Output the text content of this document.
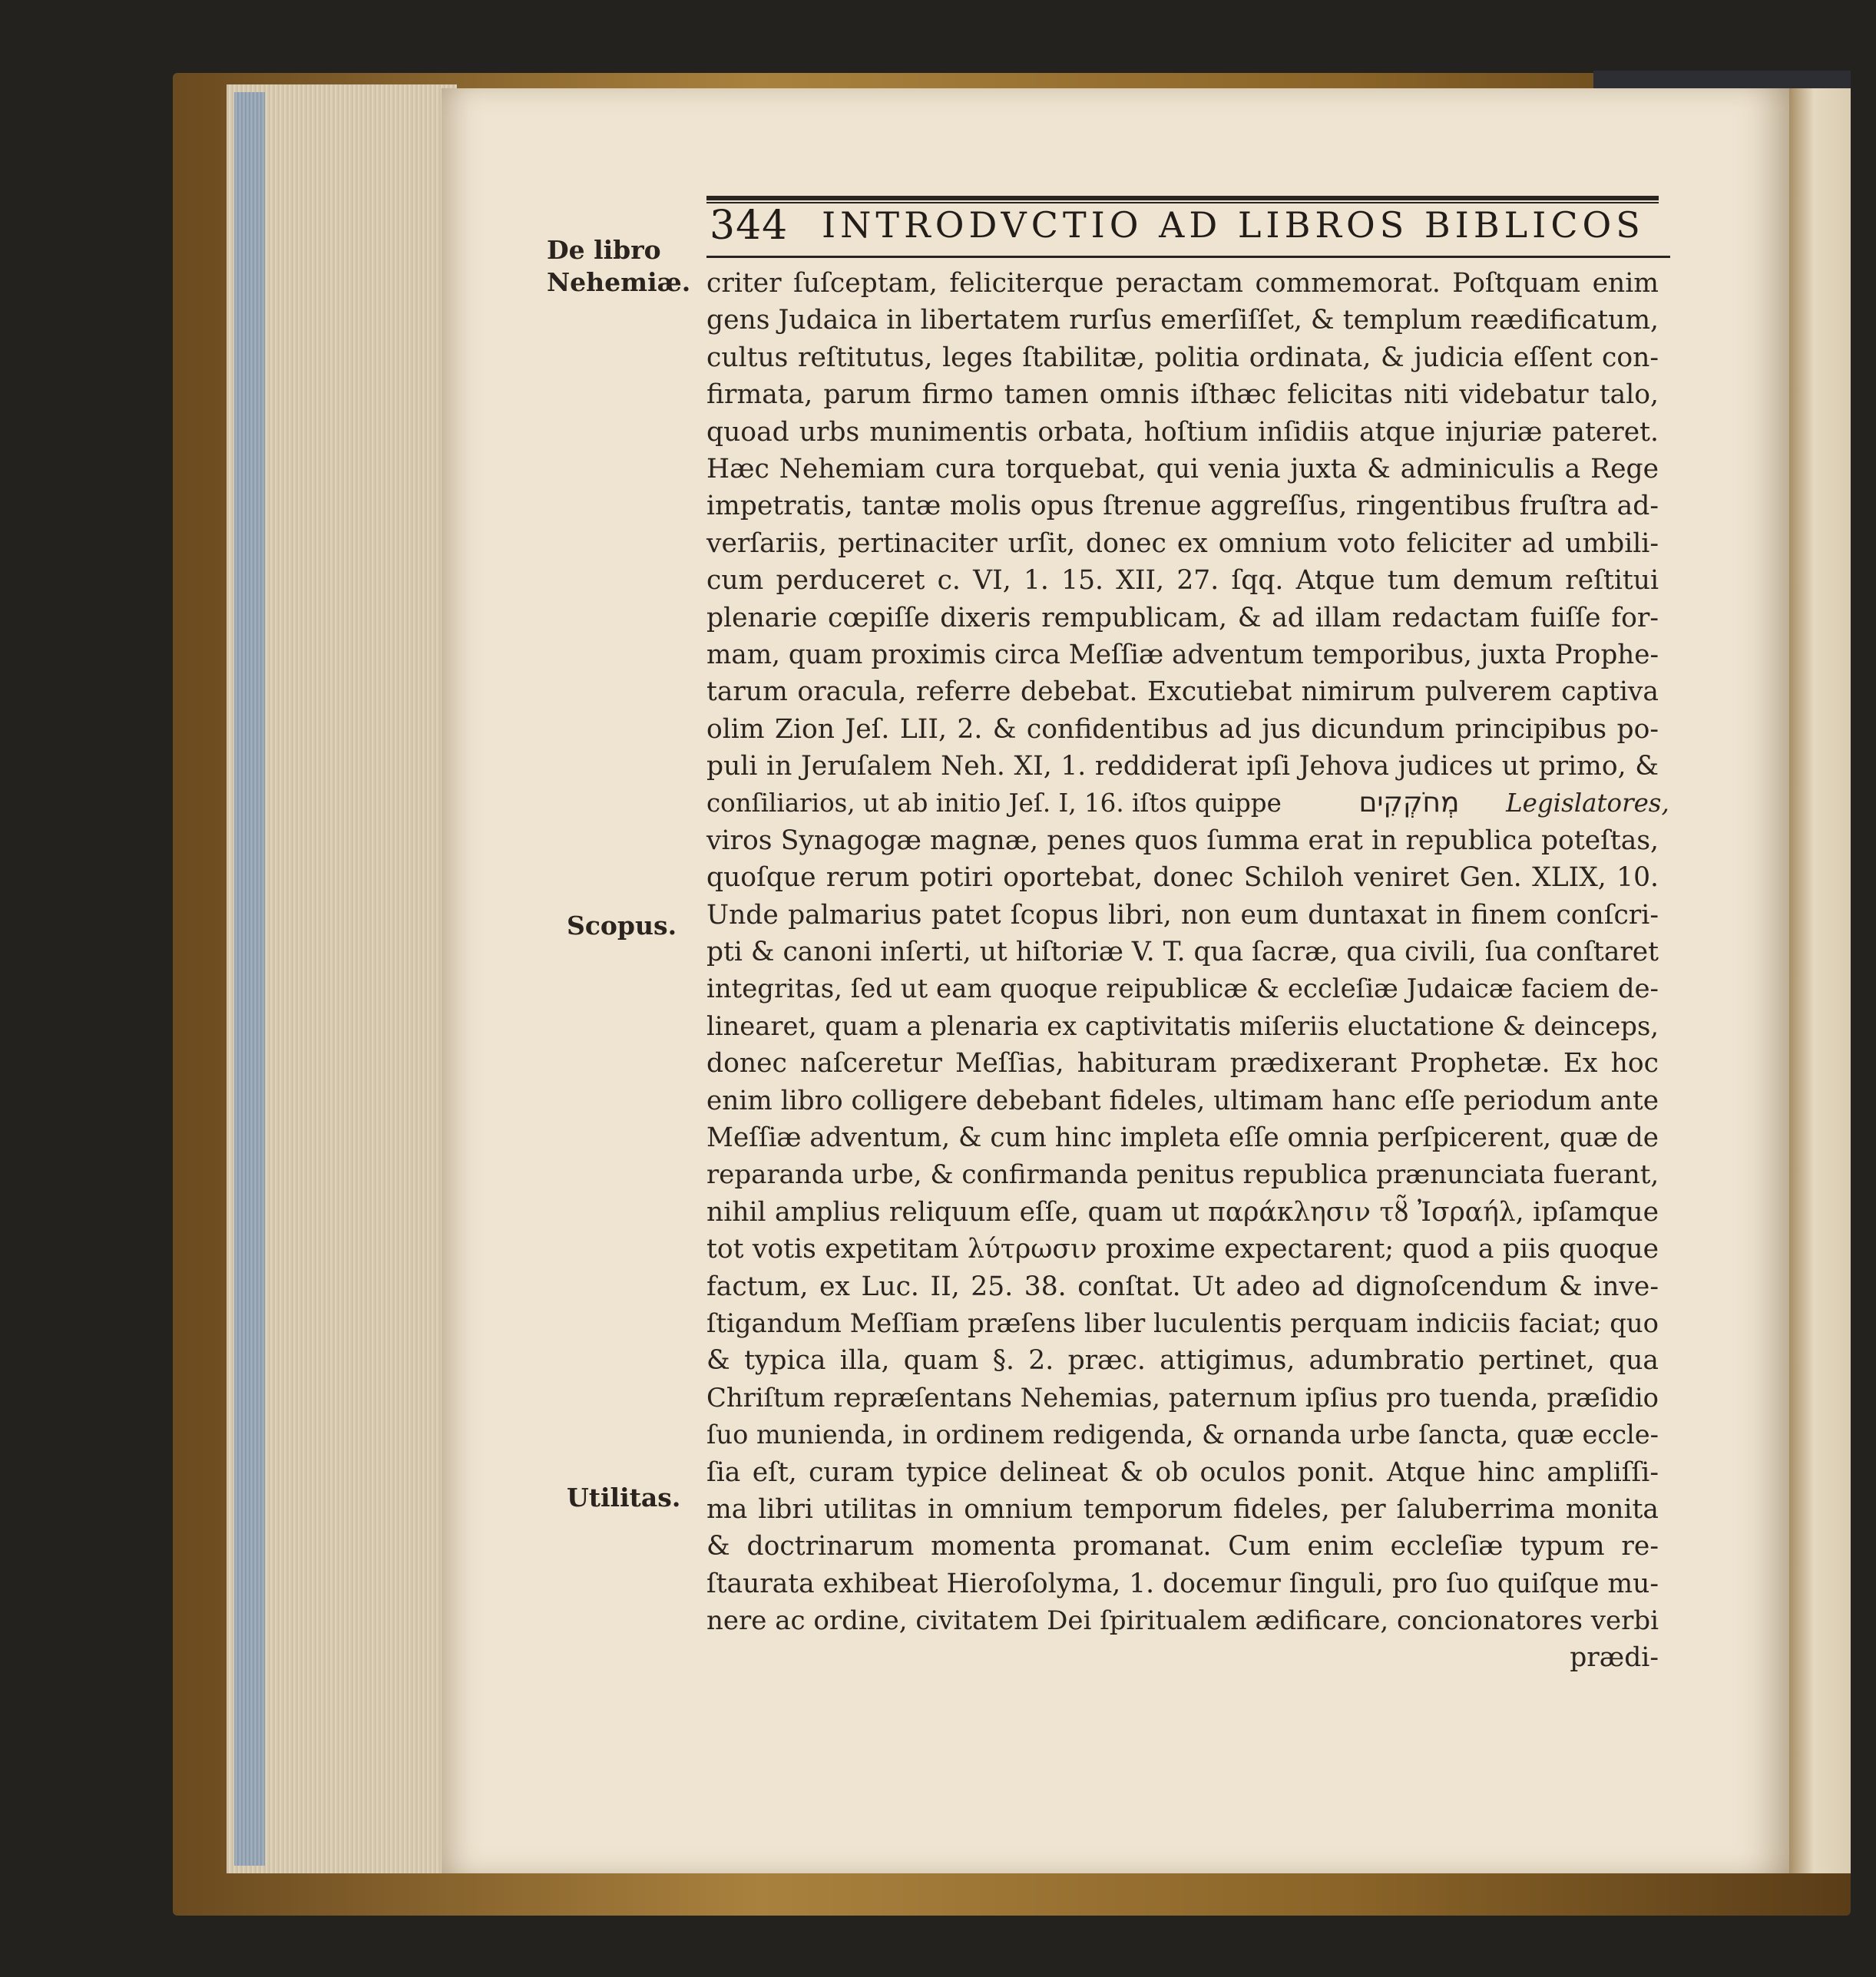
344 INTRODVCTIO AD LIBROS BIBLICOS
De libro
Nehemiæ.
Scopus.
Utilitas.
criter ſuſceptam, feliciterque peractam commemorat. Poſtquam enim
gens Judaica in libertatem rurſus emerſiſſet, & templum reædificatum,
cultus reſtitutus, leges ſtabilitæ, politia ordinata, & judicia eſſent con-
firmata, parum firmo tamen omnis iſthæc felicitas niti videbatur talo,
quoad urbs munimentis orbata, hoſtium inſidiis atque injuriæ pateret.
Hæc Nehemiam cura torquebat, qui venia juxta & adminiculis a Rege
impetratis, tantæ molis opus ſtrenue aggreſſus, ringentibus fruſtra ad-
verſariis, pertinaciter urſit, donec ex omnium voto feliciter ad umbili-
cum perduceret c. VI, 1. 15. XII, 27. ſqq. Atque tum demum reſtitui
plenarie cœpiſſe dixeris rempublicam, & ad illam redactam fuiſſe for-
mam, quam proximis circa Meſſiæ adventum temporibus, juxta Prophe-
tarum oracula, referre debebat. Excutiebat nimirum pulverem captiva
olim Zion Jeſ. LII, 2. & confidentibus ad jus dicundum principibus po-
puli in Jeruſalem Neh. XI, 1. reddiderat ipſi Jehova judices ut primo, &
conſiliarios, ut ab initio Jeſ. I, 16. iſtos quippe	מְחֹקְקִים Legislatores,
viros Synagogæ magnæ, penes quos ſumma erat in republica poteſtas,
quoſque rerum potiri oportebat, donec Schiloh veniret Gen. XLIX, 10.
Unde palmarius patet ſcopus libri, non eum duntaxat in finem conſcri-
pti & canoni inſerti, ut hiſtoriæ V. T. qua ſacræ, qua civili, ſua conſtaret
integritas, ſed ut eam quoque reipublicæ & eccleſiæ Judaicæ faciem de-
linearet, quam a plenaria ex captivitatis miſeriis eluctatione & deinceps,
donec naſceretur Meſſias, habituram prædixerant Prophetæ. Ex hoc
enim libro colligere debebant fideles, ultimam hanc eſſe periodum ante
Meſſiæ adventum, & cum hinc impleta eſſe omnia perſpicerent, quæ de
reparanda urbe, & confirmanda penitus republica prænunciata fuerant,
nihil amplius reliquum eſſe, quam ut παράκλησιν τȣ̃ Ἰσραήλ, ipſamque
tot votis expetitam λύτρωσιν proxime expectarent; quod a piis quoque
factum, ex Luc. II, 25. 38. conſtat. Ut adeo ad dignoſcendum & inve-
ſtigandum Meſſiam præſens liber luculentis perquam indiciis faciat; quo
& typica illa, quam §. 2. præc. attigimus, adumbratio pertinet, qua
Chriſtum repræſentans Nehemias, paternum ipſius pro tuenda, præſidio
ſuo munienda, in ordinem redigenda, & ornanda urbe ſancta, quæ eccle-
ſia eſt, curam typice delineat & ob oculos ponit. Atque hinc ampliſſi-
ma libri utilitas in omnium temporum fideles, per ſaluberrima monita
& doctrinarum momenta promanat. Cum enim eccleſiæ typum re-
ſtaurata exhibeat Hieroſolyma, 1. docemur ſinguli, pro ſuo quiſque mu-
nere ac ordine, civitatem Dei ſpiritualem ædificare, concionatores verbi
prædi-
